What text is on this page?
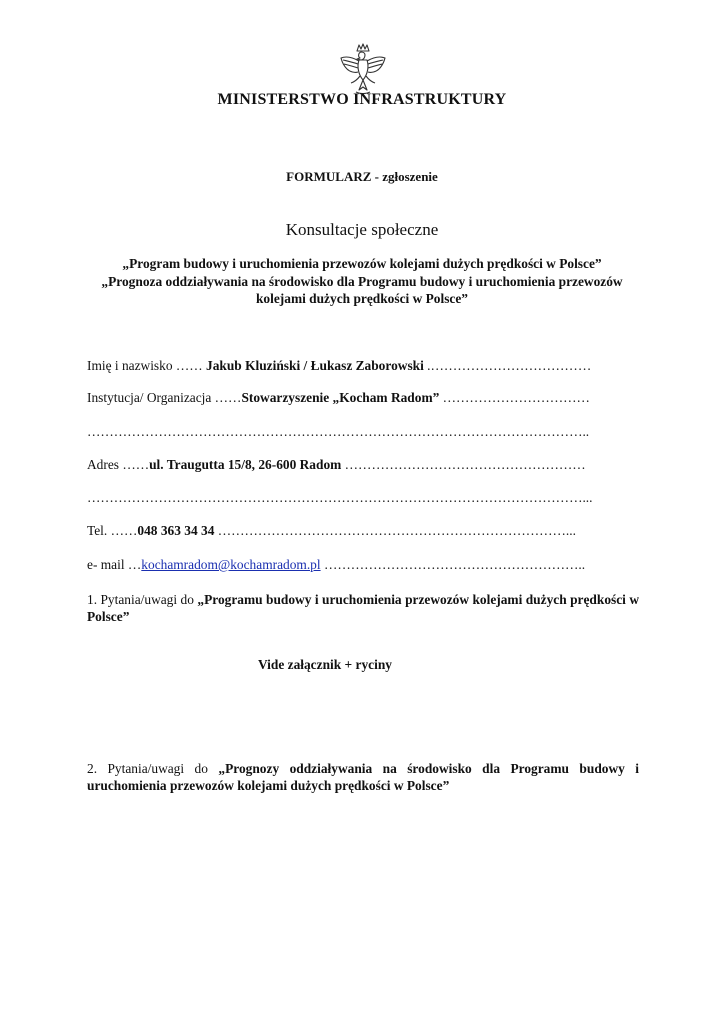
MINISTERSTWO INFRASTRUKTURY
FORMULARZ - zgłoszenie
Konsultacje społeczne
„Program budowy i uruchomienia przewozów kolejami dużych prędkości w Polsce”
„Prognoza oddziaływania na środowisko dla Programu budowy i uruchomienia przewozów kolejami dużych prędkości w Polsce”
Imię i nazwisko …… Jakub Kluziński / Łukasz Zaborowski .………………………………
Instytucja/ Organizacja ……Stowarzyszenie „Kocham Radom” ……………………………
…………………………………………………………………………………………………..
Adres ……ul. Traugutta 15/8, 26-600 Radom ………………………………………………
…………………………………………………………………………………………………...
Tel. ……048 363 34 34 ……………………………………………………………………...
e- mail …kochamradom@kochamradom.pl …………………………………………………..
1. Pytania/uwagi do „Programu budowy i uruchomienia przewozów kolejami dużych prędkości w Polsce”
Vide załącznik + ryciny
2. Pytania/uwagi do „Prognozy oddziaływania na środowisko dla Programu budowy i uruchomienia przewozów kolejami dużych prędkości w Polsce”
